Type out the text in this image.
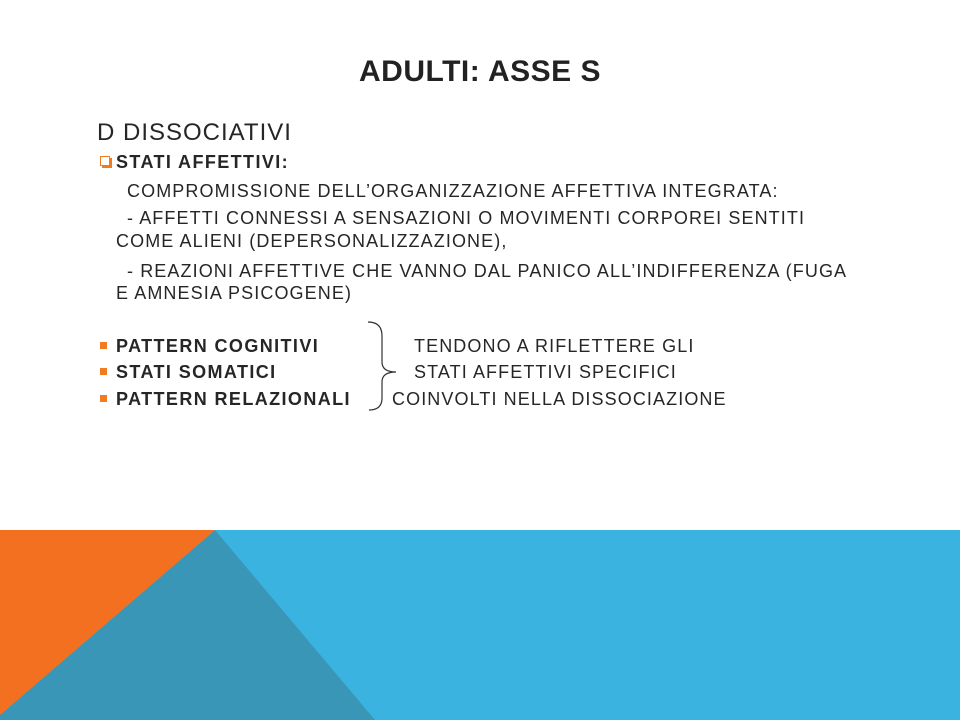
ADULTI: ASSE S
D DISSOCIATIVI
STATI AFFETTIVI:
COMPROMISSIONE DELL’ORGANIZZAZIONE AFFETTIVA INTEGRATA:
- AFFETTI CONNESSI A SENSAZIONI O MOVIMENTI CORPOREI SENTITI
COME ALIENI (DEPERSONALIZZAZIONE),
- REAZIONI AFFETTIVE CHE VANNO DAL PANICO ALL’INDIFFERENZA (FUGA
E AMNESIA PSICOGENE)
PATTERN COGNITIVI
STATI SOMATICI
PATTERN RELAZIONALI
TENDONO A RIFLETTERE GLI
STATI AFFETTIVI SPECIFICI
COINVOLTI NELLA DISSOCIAZIONE
